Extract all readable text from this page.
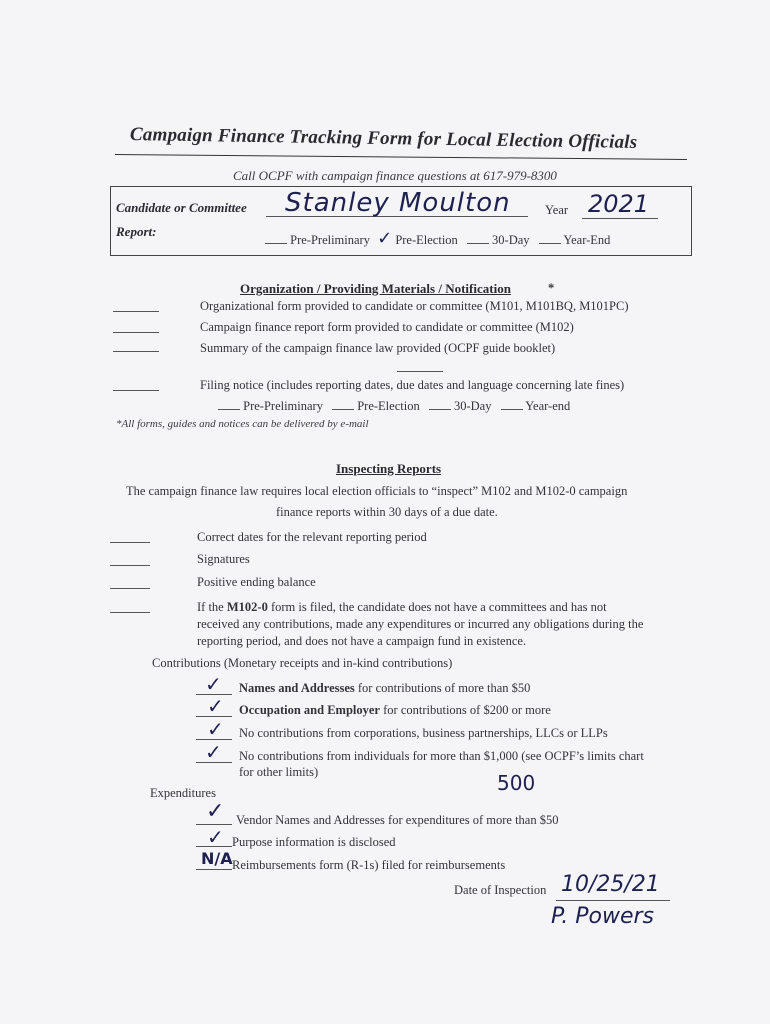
Campaign Finance Tracking Form for Local Election Officials
Call OCPF with campaign finance questions at 617-979-8300
Candidate or Committee Stanley Moulton	Year 2021
Report:
Pre-Preliminary ✓ Pre-Election	30-Day	Year-End
Organization / Providing Materials / Notification	*
Organizational form provided to candidate or committee (M101, M101BQ, M101PC)
Campaign finance report form provided to candidate or committee (M102)
Summary of the campaign finance law provided (OCPF guide booklet)
Filing notice (includes reporting dates, due dates and language concerning late fines)
Pre-Preliminary	Pre-Election	30-Day	Year-end
*All forms, guides and notices can be delivered by e-mail
Inspecting Reports
The campaign finance law requires local election officials to “inspect” M102 and M102-0 campaign
finance reports within 30 days of a due date.
Correct dates for the relevant reporting period
Signatures
Positive ending balance
If the M102-0 form is filed, the candidate does not have a committees and has not
received any contributions, made any expenditures or incurred any obligations during the
reporting period, and does not have a campaign fund in existence.
Contributions (Monetary receipts and in-kind contributions)
✓ Names and Addresses for contributions of more than $50
✓ Occupation and Employer for contributions of $200 or more
✓ No contributions from corporations, business partnerships, LLCs or LLPs
✓ No contributions from individuals for more than $1,000 (see OCPF’s limits chart
for other limits)	500
Expenditures
✓ Vendor Names and Addresses for expenditures of more than $50
✓ Purpose information is disclosed
N/A Reimbursements form (R-1s) filed for reimbursements
Date of Inspection 10/25/21
P. Powers
